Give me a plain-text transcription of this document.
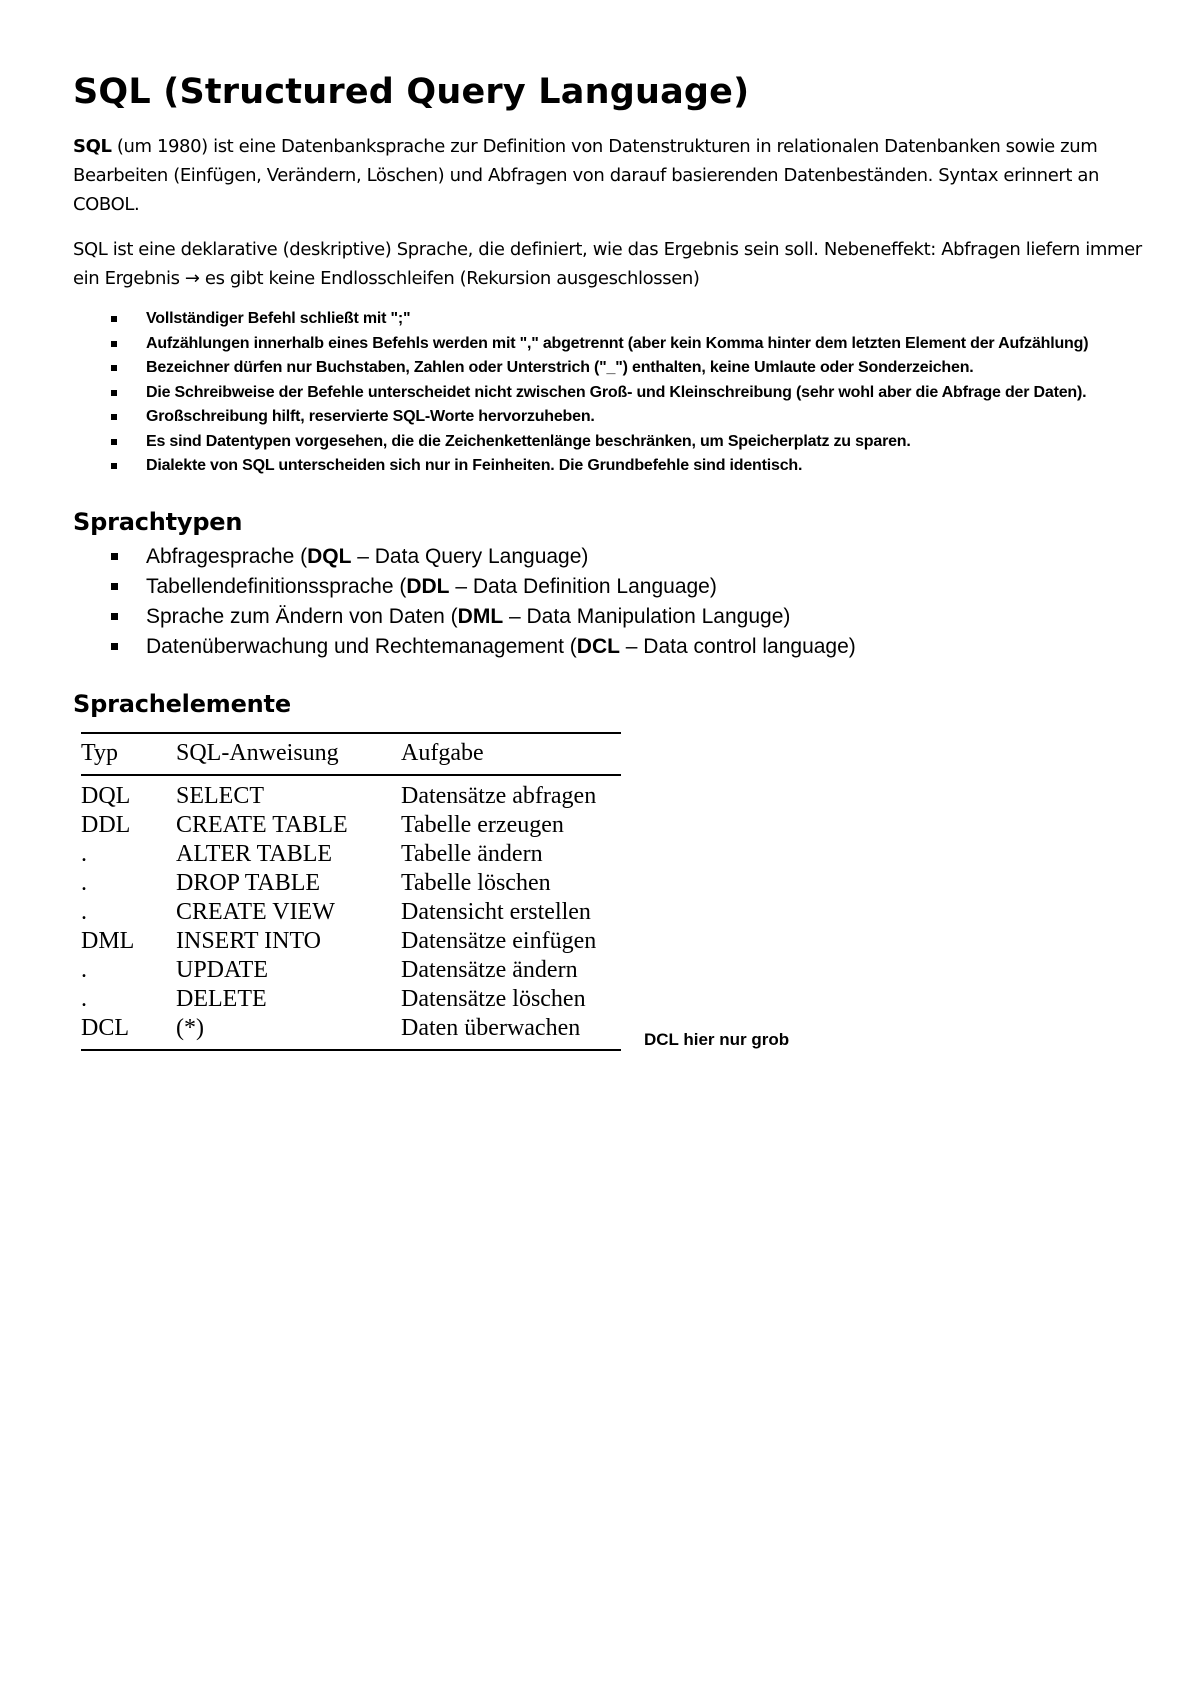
SQL (Structured Query Language)

SQL (um 1980) ist eine Datenbanksprache zur Definition von Datenstrukturen in relationalen Datenbanken sowie zum Bearbeiten (Einfügen, Verändern, Löschen) und Abfragen von darauf basierenden Datenbeständen. Syntax erinnert an COBOL.

SQL ist eine deklarative (deskriptive) Sprache, die definiert, wie das Ergebnis sein soll. Nebeneffekt: Abfragen liefern immer ein Ergebnis → es gibt keine Endlosschleifen (Rekursion ausgeschlossen)

Vollständiger Befehl schließt mit ";"
Aufzählungen innerhalb eines Befehls werden mit "," abgetrennt (aber kein Komma hinter dem letzten Element der Aufzählung)
Bezeichner dürfen nur Buchstaben, Zahlen oder Unterstrich ("_") enthalten, keine Umlaute oder Sonderzeichen.
Die Schreibweise der Befehle unterscheidet nicht zwischen Groß- und Kleinschreibung (sehr wohl aber die Abfrage der Daten).
Großschreibung hilft, reservierte SQL-Worte hervorzuheben.
Es sind Datentypen vorgesehen, die die Zeichenkettenlänge beschränken, um Speicherplatz zu sparen.
Dialekte von SQL unterscheiden sich nur in Feinheiten. Die Grundbefehle sind identisch.
Sprachtypen
Abfragesprache (DQL – Data Query Language)
Tabellendefinitionssprache (DDL – Data Definition Language)
Sprache zum Ändern von Daten (DML – Data Manipulation Languge)
Datenüberwachung und Rechtemanagement (DCL – Data control language)
Sprachelemente
Typ	SQL-Anweisung	Aufgabe
DQL	SELECT	Datensätze abfragen
DDL	CREATE TABLE	Tabelle erzeugen
.	ALTER TABLE	Tabelle ändern
.	DROP TABLE	Tabelle löschen
.	CREATE VIEW	Datensicht erstellen
DML	INSERT INTO	Datensätze einfügen
.	UPDATE	Datensätze ändern
.	DELETE	Datensätze löschen
DCL	(*)	Daten überwachen	DCL hier nur grob
